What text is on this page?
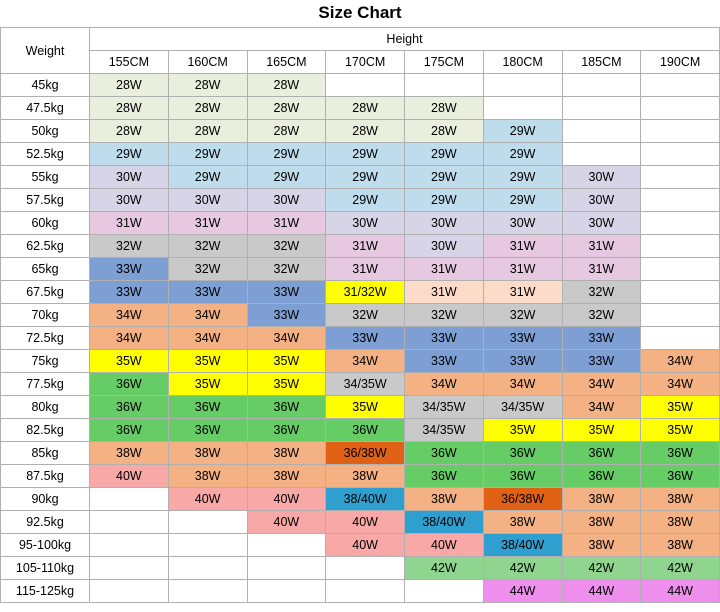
Size Chart
Weight	Height							
	155CM	160CM	165CM	170CM	175CM	180CM	185CM	190CM
45kg	28W	28W	28W					
47.5kg	28W	28W	28W	28W	28W			
50kg	28W	28W	28W	28W	28W	29W		
52.5kg	29W	29W	29W	29W	29W	29W		
55kg	30W	29W	29W	29W	29W	29W	30W	
57.5kg	30W	30W	30W	29W	29W	29W	30W	
60kg	31W	31W	31W	30W	30W	30W	30W	
62.5kg	32W	32W	32W	31W	30W	31W	31W	
65kg	33W	32W	32W	31W	31W	31W	31W	
67.5kg	33W	33W	33W	31/32W	31W	31W	32W	
70kg	34W	34W	33W	32W	32W	32W	32W	
72.5kg	34W	34W	34W	33W	33W	33W	33W	
75kg	35W	35W	35W	34W	33W	33W	33W	34W
77.5kg	36W	35W	35W	34/35W	34W	34W	34W	34W
80kg	36W	36W	36W	35W	34/35W	34/35W	34W	35W
82.5kg	36W	36W	36W	36W	34/35W	35W	35W	35W
85kg	38W	38W	38W	36/38W	36W	36W	36W	36W
87.5kg	40W	38W	38W	38W	36W	36W	36W	36W
90kg		40W	40W	38/40W	38W	36/38W	38W	38W
92.5kg			40W	40W	38/40W	38W	38W	38W
95-100kg				40W	40W	38/40W	38W	38W
105-110kg					42W	42W	42W	42W
115-125kg						44W	44W	44W
